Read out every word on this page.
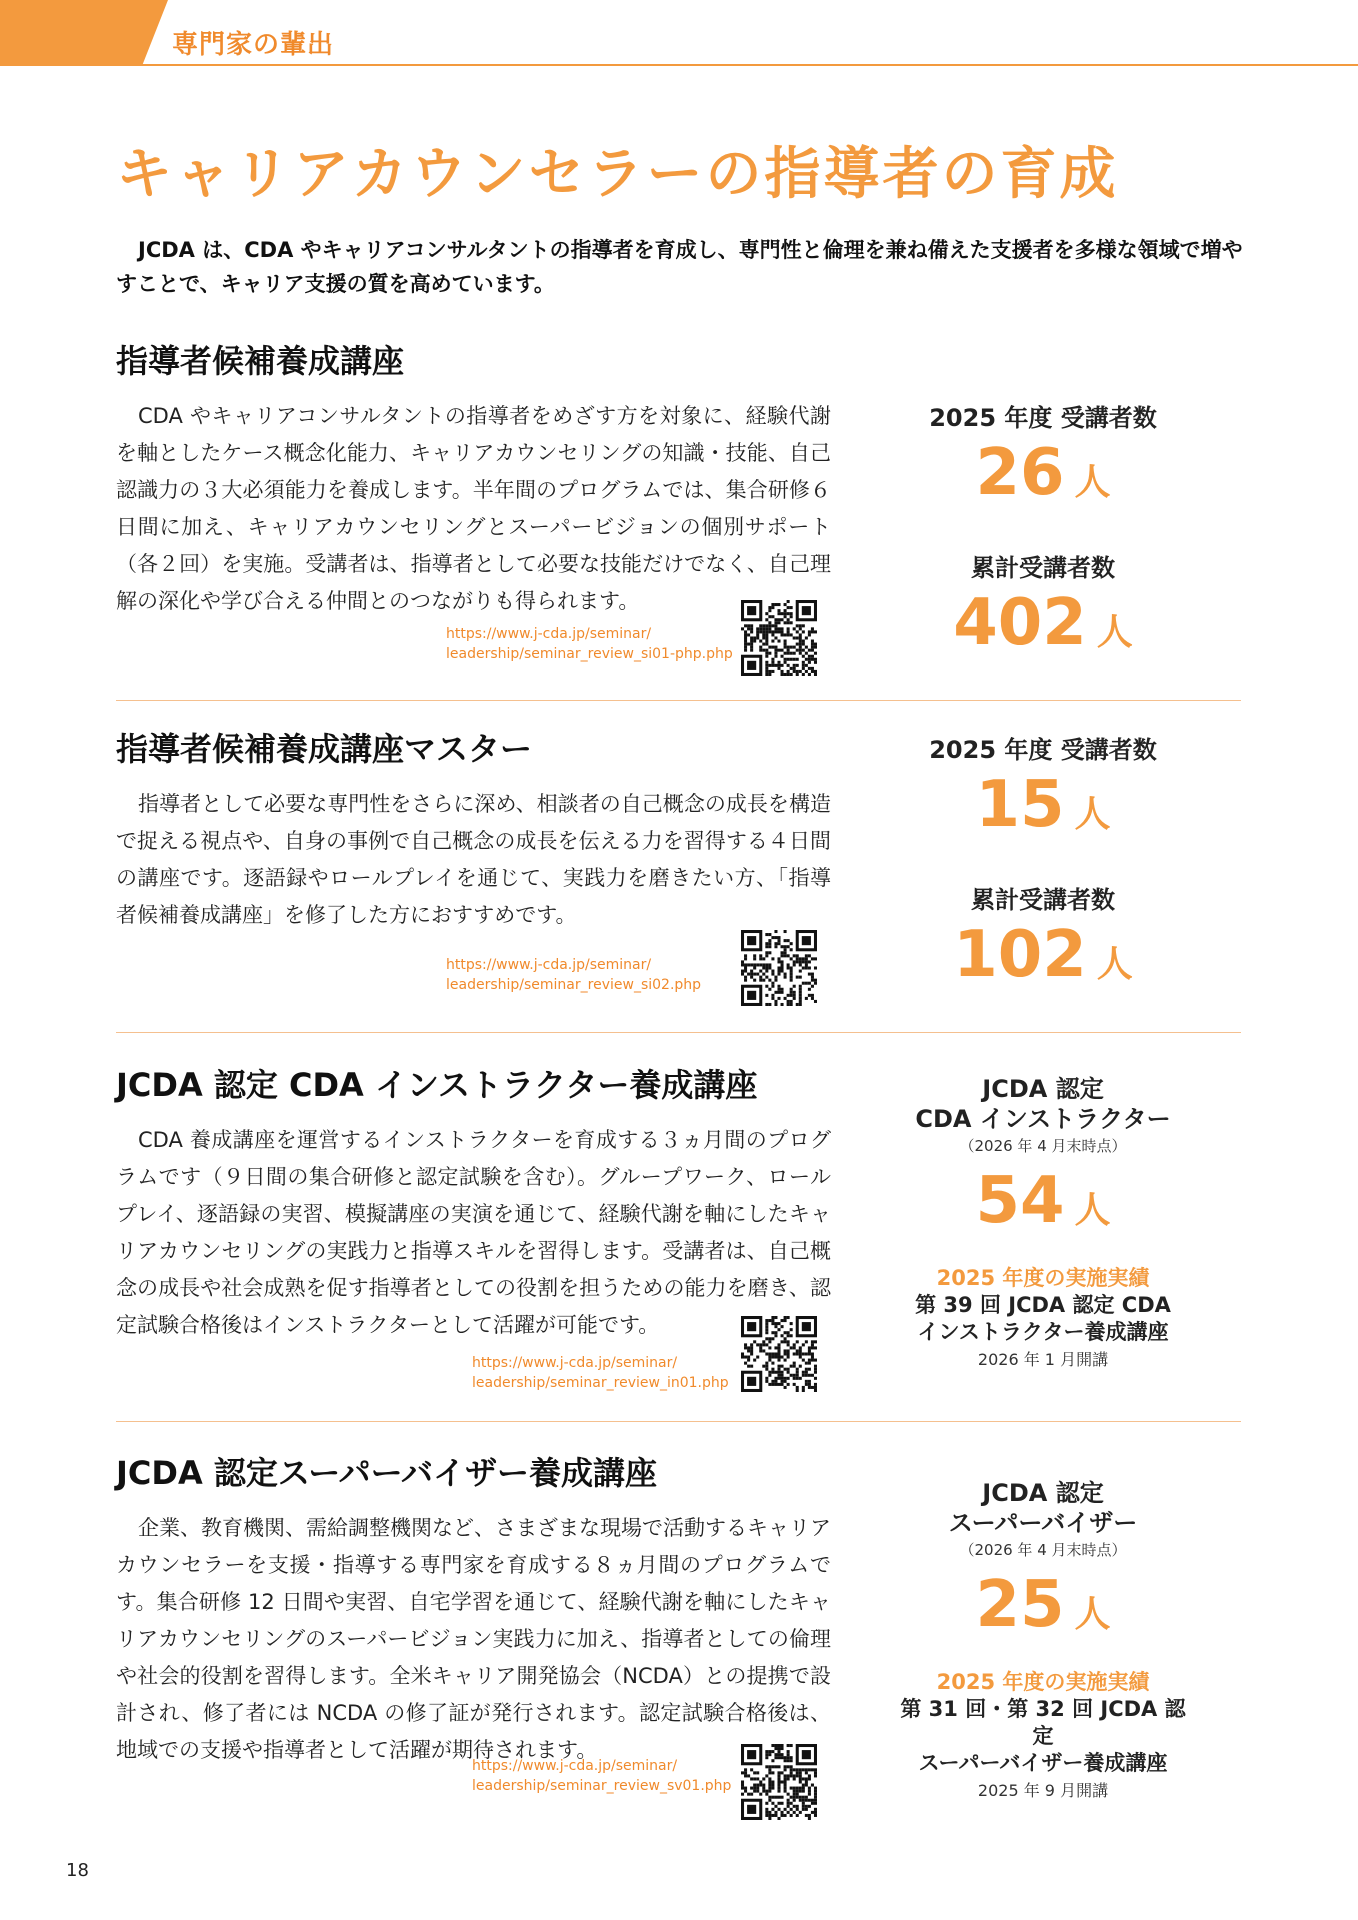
専門家の輩出
キャリアカウンセラーの指導者の育成
JCDA は、CDA やキャリアコンサルタントの指導者を育成し、専門性と倫理を兼ね備えた支援者を多様な領域で増やすことで、キャリア支援の質を高めています。
指導者候補養成講座
CDA やキャリアコンサルタントの指導者をめざす方を対象に、経験代謝を軸としたケース概念化能力、キャリアカウンセリングの知識・技能、自己認識力の３大必須能力を養成します。半年間のプログラムでは、集合研修６日間に加え、キャリアカウンセリングとスーパービジョンの個別サポート（各２回）を実施。受講者は、指導者として必要な技能だけでなく、自己理解の深化や学び合える仲間とのつながりも得られます。
https://www.j-cda.jp/seminar/
leadership/seminar_review_si01-php.php
2025 年度 受講者数
26 人
累計受講者数
402 人
指導者候補養成講座マスター
指導者として必要な専門性をさらに深め、相談者の自己概念の成長を構造で捉える視点や、自身の事例で自己概念の成長を伝える力を習得する４日間の講座です。逐語録やロールプレイを通じて、実践力を磨きたい方、「指導者候補養成講座」を修了した方におすすめです。
https://www.j-cda.jp/seminar/
leadership/seminar_review_si02.php
2025 年度 受講者数
15 人
累計受講者数
102 人
JCDA 認定 CDA インストラクター養成講座
CDA 養成講座を運営するインストラクターを育成する３ヵ月間のプログラムです（９日間の集合研修と認定試験を含む）。グループワーク、ロールプレイ、逐語録の実習、模擬講座の実演を通じて、経験代謝を軸にしたキャリアカウンセリングの実践力と指導スキルを習得します。受講者は、自己概念の成長や社会成熟を促す指導者としての役割を担うための能力を磨き、認定試験合格後はインストラクターとして活躍が可能です。
https://www.j-cda.jp/seminar/
leadership/seminar_review_in01.php
JCDA 認定
CDA インストラクター
（2026 年 4 月末時点）
54 人
2025 年度の実施実績
第 39 回 JCDA 認定 CDA
インストラクター養成講座
2026 年 1 月開講
JCDA 認定スーパーバイザー養成講座
企業、教育機関、需給調整機関など、さまざまな現場で活動するキャリアカウンセラーを支援・指導する専門家を育成する８ヵ月間のプログラムです。集合研修 12 日間や実習、自宅学習を通じて、経験代謝を軸にしたキャリアカウンセリングのスーパービジョン実践力に加え、指導者としての倫理や社会的役割を習得します。全米キャリア開発協会（NCDA）との提携で設計され、修了者には NCDA の修了証が発行されます。認定試験合格後は、地域での支援や指導者として活躍が期待されます。
https://www.j-cda.jp/seminar/
leadership/seminar_review_sv01.php
JCDA 認定
スーパーバイザー
（2026 年 4 月末時点）
25 人
2025 年度の実施実績
第 31 回・第 32 回 JCDA 認定
スーパーバイザー養成講座
2025 年 9 月開講
18
